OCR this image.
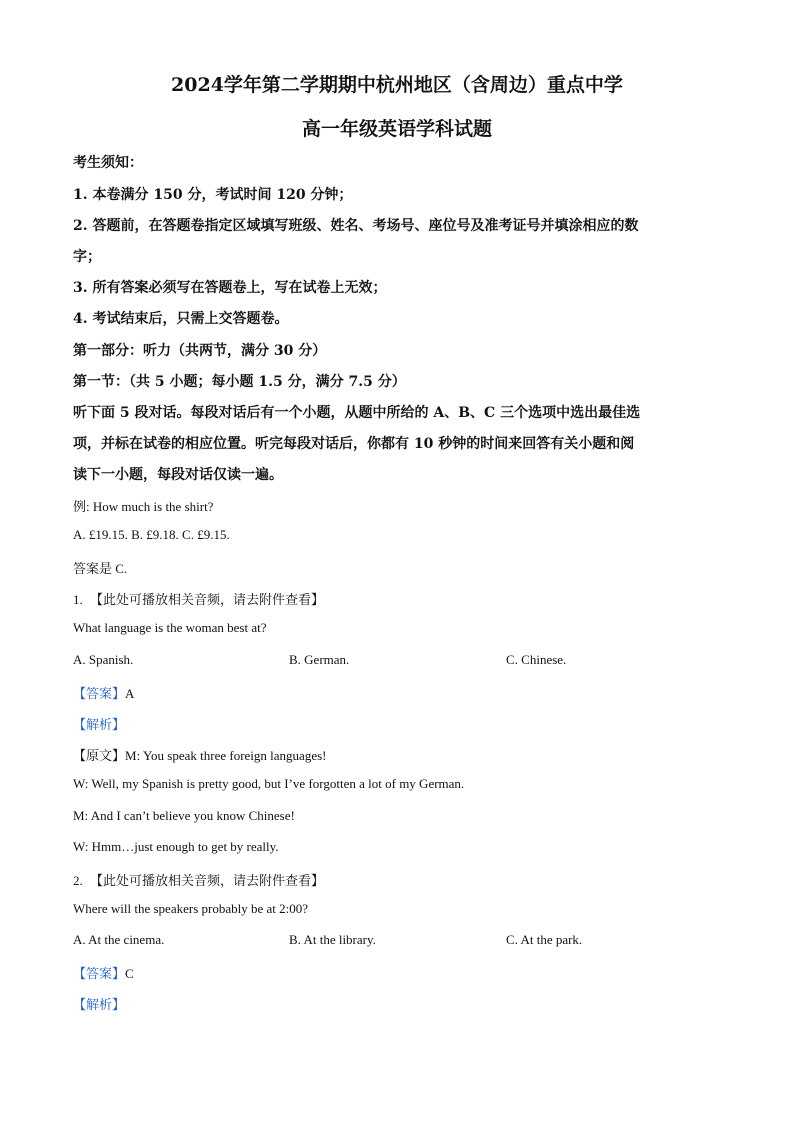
2024学年第二学期期中杭州地区（含周边）重点中学
高一年级英语学科试题
考生须知：
1. 本卷满分 150 分，考试时间 120 分钟；
2. 答题前，在答题卷指定区域填写班级、姓名、考场号、座位号及准考证号并填涂相应的数
字；
3. 所有答案必须写在答题卷上，写在试卷上无效；
4. 考试结束后，只需上交答题卷。
第一部分：听力（共两节，满分 30 分）
第一节：（共 5 小题；每小题 1.5 分，满分 7.5 分）
听下面 5 段对话。每段对话后有一个小题，从题中所给的 A、B、C 三个选项中选出最佳选
项，并标在试卷的相应位置。听完每段对话后，你都有 10 秒钟的时间来回答有关小题和阅
读下一小题，每段对话仅读一遍。
例: How much is the shirt?
A. £19.15. B. £9.18. C. £9.15.
答案是 C.
1. 【此处可播放相关音频，请去附件查看】
What language is the woman best at?
A. Spanish.	B. German.	C. Chinese.
【答案】A
【解析】
【原文】M: You speak three foreign languages!
W: Well, my Spanish is pretty good, but I’ve forgotten a lot of my German.
M: And I can’t believe you know Chinese!
W: Hmm…just enough to get by really.
2. 【此处可播放相关音频，请去附件查看】
Where will the speakers probably be at 2:00?
A. At the cinema.	B. At the library.	C. At the park.
【答案】C
【解析】
